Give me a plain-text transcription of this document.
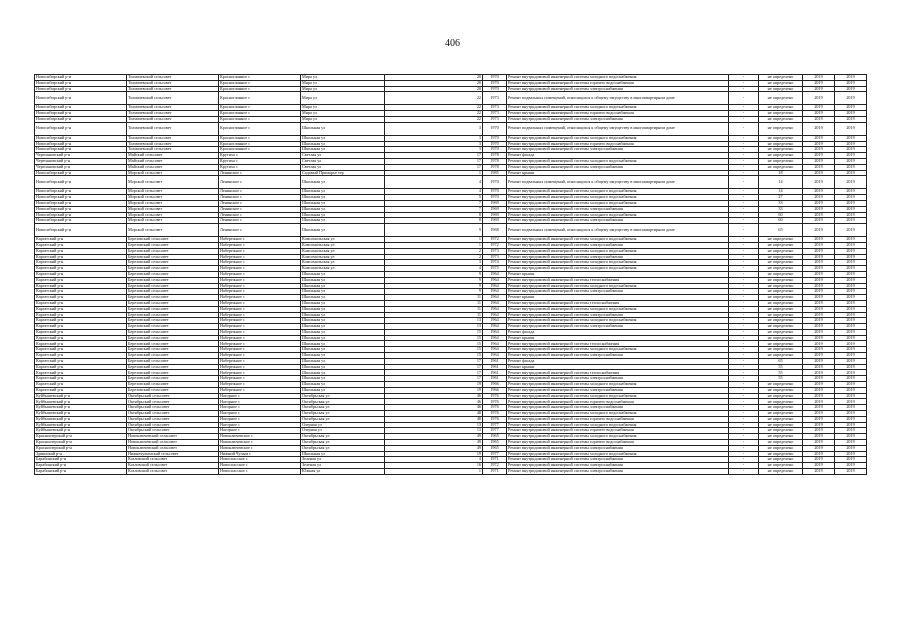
406
Новосибирский р-н	Толмачевский сельсовет	Красноглинное с	Мира ул	20	1970	Ремонт внутридомовой инженерной системы холодного водоснабжения	-	не определено	2019	2019
Новосибирский р-н	Толмачевский сельсовет	Красноглинное с	Мира ул	20	1970	Ремонт внутридомовой инженерной системы горячего водоснабжения	-	не определено	2019	2019
Новосибирский р-н	Толмачевский сельсовет	Красноглинное с	Мира ул	20	1970	Ремонт внутридомовой инженерной системы электроснабжения	-	не определено	2019	2019
Новосибирский р-н	Толмачевский сельсовет	Красноглинное с	Мира ул	22	1973	Ремонт подвальных помещений, относящихся к общему имуществу в многоквартирном доме	-	не определено	2019	2019
Новосибирский р-н	Толмачевский сельсовет	Красноглинное с	Мира ул	22	1973	Ремонт внутридомовой инженерной системы холодного водоснабжения	-	не определено	2019	2019
Новосибирский р-н	Толмачевский сельсовет	Красноглинное с	Мира ул	22	1973	Ремонт внутридомовой инженерной системы горячего водоснабжения	-	не определено	2019	2019
Новосибирский р-н	Толмачевский сельсовет	Красноглинное с	Мира ул	22	1973	Ремонт внутридомовой инженерной системы электроснабжения	-	не определено	2019	2019
Новосибирский р-н	Толмачевский сельсовет	Красноглинное с	Школьная ул	3	1970	Ремонт подвальных помещений, относящихся к общему имуществу в многоквартирном доме	-	не определено	2019	2019
Новосибирский р-н	Толмачевский сельсовет	Красноглинное с	Школьная ул	3	1970	Ремонт внутридомовой инженерной системы холодного водоснабжения	-	не определено	2019	2019
Новосибирский р-н	Толмачевский сельсовет	Красноглинное с	Школьная ул	3	1970	Ремонт внутридомовой инженерной системы горячего водоснабжения	-	не определено	2019	2019
Новосибирский р-н	Толмачевский сельсовет	Красноглинное с	Школьная ул	3	1970	Ремонт внутридомовой инженерной системы электроснабжения	-	не определено	2019	2019
Черепановский р-н	Майский сельсовет	Крутиха с	Светлая ул	17	1978	Ремонт фасада	-	не определено	2019	2019
Черепановский р-н	Майский сельсовет	Крутиха с	Светлая ул	17	1978	Ремонт внутридомовой инженерной системы холодного водоснабжения	-	не определено	2019	2019
Черепановский р-н	Майский сельсовет	Крутиха с	Светлая ул	17	1978	Ремонт внутридомовой инженерной системы электроснабжения	-	не определено	2019	2019
Новосибирский р-н	Морской сельсовет	Ленинское с	Садовый Приморье тер	1	1985	Ремонт крыши	-	18	2019	2019
Новосибирский р-н	Морской сельсовет	Ленинское с	Школьная ул	4	1970	Ремонт подвальных помещений, относящихся к общему имуществу в многоквартирном доме	-	14	2019	2019
Новосибирский р-н	Морской сельсовет	Ленинское с	Школьная ул	4	1970	Ремонт внутридомовой инженерной системы холодного водоснабжения	-	14	2019	2019
Новосибирский р-н	Морской сельсовет	Ленинское с	Школьная ул	5	1970	Ремонт внутридомовой инженерной системы холодного водоснабжения	-	27	2019	2019
Новосибирский р-н	Морской сельсовет	Ленинское с	Школьная ул	7	1969	Ремонт внутридомовой инженерной системы холодного водоснабжения	-	33	2019	2019
Новосибирский р-н	Морской сельсовет	Ленинское с	Школьная ул	7	1969	Ремонт внутридомовой инженерной системы электроснабжения	-	33	2019	2019
Новосибирский р-н	Морской сельсовет	Ленинское с	Школьная ул	8	1969	Ремонт внутридомовой инженерной системы холодного водоснабжения	-	60	2019	2019
Новосибирский р-н	Морской сельсовет	Ленинское с	Школьная ул	8	1969	Ремонт внутридомовой инженерной системы электроснабжения	-	60	2019	2019
Новосибирский р-н	Морской сельсовет	Ленинское с	Школьная ул	9	1968	Ремонт подвальных помещений, относящихся к общему имуществу в многоквартирном доме	-	65	2019	2019
Каргатский р-н	Березовский сельсовет	Набережное с	Комсомольская ул	1	1972	Ремонт внутридомовой инженерной системы холодного водоснабжения	-	не определено	2019	2019
Каргатский р-н	Березовский сельсовет	Набережное с	Комсомольская ул	1	1972	Ремонт внутридомовой инженерной системы электроснабжения	-	не определено	2019	2019
Каргатский р-н	Березовский сельсовет	Набережное с	Комсомольская ул	2	1973	Ремонт внутридомовой инженерной системы холодного водоснабжения	-	не определено	2019	2019
Каргатский р-н	Березовский сельсовет	Набережное с	Комсомольская ул	2	1973	Ремонт внутридомовой инженерной системы электроснабжения	-	не определено	2019	2019
Каргатский р-н	Березовский сельсовет	Набережное с	Комсомольская ул	3	1974	Ремонт внутридомовой инженерной системы холодного водоснабжения	-	не определено	2019	2019
Каргатский р-н	Березовский сельсовет	Набережное с	Комсомольская ул	4	1975	Ремонт внутридомовой инженерной системы холодного водоснабжения	-	не определено	2019	2019
Каргатский р-н	Березовский сельсовет	Набережное с	Школьная ул	9	1964	Ремонт крыши	-	не определено	2019	2019
Каргатский р-н	Березовский сельсовет	Набережное с	Школьная ул	9	1964	Ремонт внутридомовой инженерной системы теплоснабжения	-	не определено	2019	2019
Каргатский р-н	Березовский сельсовет	Набережное с	Школьная ул	9	1964	Ремонт внутридомовой инженерной системы холодного водоснабжения	-	не определено	2019	2019
Каргатский р-н	Березовский сельсовет	Набережное с	Школьная ул	9	1964	Ремонт внутридомовой инженерной системы электроснабжения	-	не определено	2019	2019
Каргатский р-н	Березовский сельсовет	Набережное с	Школьная ул	11	1964	Ремонт крыши	-	не определено	2019	2019
Каргатский р-н	Березовский сельсовет	Набережное с	Школьная ул	11	1964	Ремонт внутридомовой инженерной системы теплоснабжения	-	не определено	2019	2019
Каргатский р-н	Березовский сельсовет	Набережное с	Школьная ул	11	1964	Ремонт внутридомовой инженерной системы холодного водоснабжения	-	не определено	2019	2019
Каргатский р-н	Березовский сельсовет	Набережное с	Школьная ул	11	1964	Ремонт внутридомовой инженерной системы электроснабжения	-	не определено	2019	2019
Каргатский р-н	Березовский сельсовет	Набережное с	Школьная ул	13	1964	Ремонт внутридомовой инженерной системы холодного водоснабжения	-	не определено	2019	2019
Каргатский р-н	Березовский сельсовет	Набережное с	Школьная ул	13	1964	Ремонт внутридомовой инженерной системы электроснабжения	-	не определено	2019	2019
Каргатский р-н	Березовский сельсовет	Набережное с	Школьная ул	15	1964	Ремонт фасада	-	не определено	2019	2019
Каргатский р-н	Березовский сельсовет	Набережное с	Школьная ул	15	1964	Ремонт крыши	-	не определено	2019	2019
Каргатский р-н	Березовский сельсовет	Набережное с	Школьная ул	15	1964	Ремонт внутридомовой инженерной системы теплоснабжения	-	не определено	2019	2019
Каргатский р-н	Березовский сельсовет	Набережное с	Школьная ул	15	1964	Ремонт внутридомовой инженерной системы холодного водоснабжения	-	не определено	2019	2019
Каргатский р-н	Березовский сельсовет	Набережное с	Школьная ул	15	1964	Ремонт внутридомовой инженерной системы электроснабжения	-	не определено	2019	2019
Каргатский р-н	Березовский сельсовет	Набережное с	Школьная ул	17	1961	Ремонт фасада	-	65	2019	2019
Каргатский р-н	Березовский сельсовет	Набережное с	Школьная ул	17	1961	Ремонт крыши	-	55	2019	2019
Каргатский р-н	Березовский сельсовет	Набережное с	Школьная ул	17	1961	Ремонт внутридомовой инженерной системы теплоснабжения	-	55	2019	2019
Каргатский р-н	Березовский сельсовет	Набережное с	Школьная ул	17	1961	Ремонт внутридомовой инженерной системы электроснабжения	-	55	2019	2019
Каргатский р-н	Березовский сельсовет	Набережное с	Школьная ул	19	1966	Ремонт внутридомовой инженерной системы холодного водоснабжения	-	не определено	2019	2019
Каргатский р-н	Березовский сельсовет	Набережное с	Школьная ул	19	1966	Ремонт внутридомовой инженерной системы электроснабжения	-	не определено	2019	2019
Куйбышевский р-н	Октябрьский сельсовет	Нагорное с	Октябрьская ул	46	1976	Ремонт внутридомовой инженерной системы холодного водоснабжения	-	не определено	2019	2019
Куйбышевский р-н	Октябрьский сельсовет	Нагорное с	Октябрьская ул	46	1976	Ремонт внутридомовой инженерной системы горячего водоснабжения	-	не определено	2019	2019
Куйбышевский р-н	Октябрьский сельсовет	Нагорное с	Октябрьская ул	46	1976	Ремонт внутридомовой инженерной системы электроснабжения	-	не определено	2019	2019
Куйбышевский р-н	Октябрьский сельсовет	Нагорное с	Октябрьская ул	48	1976	Ремонт внутридомовой инженерной системы холодного водоснабжения	-	не определено	2019	2019
Куйбышевский р-н	Октябрьский сельсовет	Нагорное с	Октябрьская ул	48	1976	Ремонт внутридомовой инженерной системы горячего водоснабжения	-	не определено	2019	2019
Куйбышевский р-н	Октябрьский сельсовет	Нагорное с	Озерная ул	13	1977	Ремонт внутридомовой инженерной системы холодного водоснабжения	-	не определено	2019	2019
Куйбышевский р-н	Октябрьский сельсовет	Нагорное с	Озерная ул	13	1977	Ремонт внутридомовой инженерной системы горячего водоснабжения	-	не определено	2019	2019
Красноозерский р-н	Новоключевский сельсовет	Новоключевское с	Октябрьская ул	49	1965	Ремонт внутридомовой инженерной системы холодного водоснабжения	-	не определено	2019	2019
Красноозерский р-н	Новоключевский сельсовет	Новоключевское с	Октябрьская ул	49	1965	Ремонт внутридомовой инженерной системы горячего водоснабжения	-	не определено	2019	2019
Красноозерский р-н	Новоключевский сельсовет	Новоключевское с	Октябрьская ул	49	1965	Ремонт внутридомовой инженерной системы электроснабжения	-	не определено	2019	2019
Здвинский р-н	Нижнечулымский сельсовет	Нижний Чулым с	Школьная ул	19	1977	Ремонт внутридомовой инженерной системы холодного водоснабжения	-	не определено	2019	2019
Барабинский р-н	Козловский сельсовет	Новоспасское с	Зеленая ул	4	1971	Ремонт внутридомовой инженерной системы электроснабжения	-	не определено	2019	2019
Барабинский р-н	Козловский сельсовет	Новоспасское с	Зеленая ул	16	1972	Ремонт внутридомовой инженерной системы электроснабжения	-	не определено	2019	2019
Барабинский р-н	Козловский сельсовет	Новоспасское с	Южная ул	1	1971	Ремонт внутридомовой инженерной системы электроснабжения	-	не определено	2019	2019
